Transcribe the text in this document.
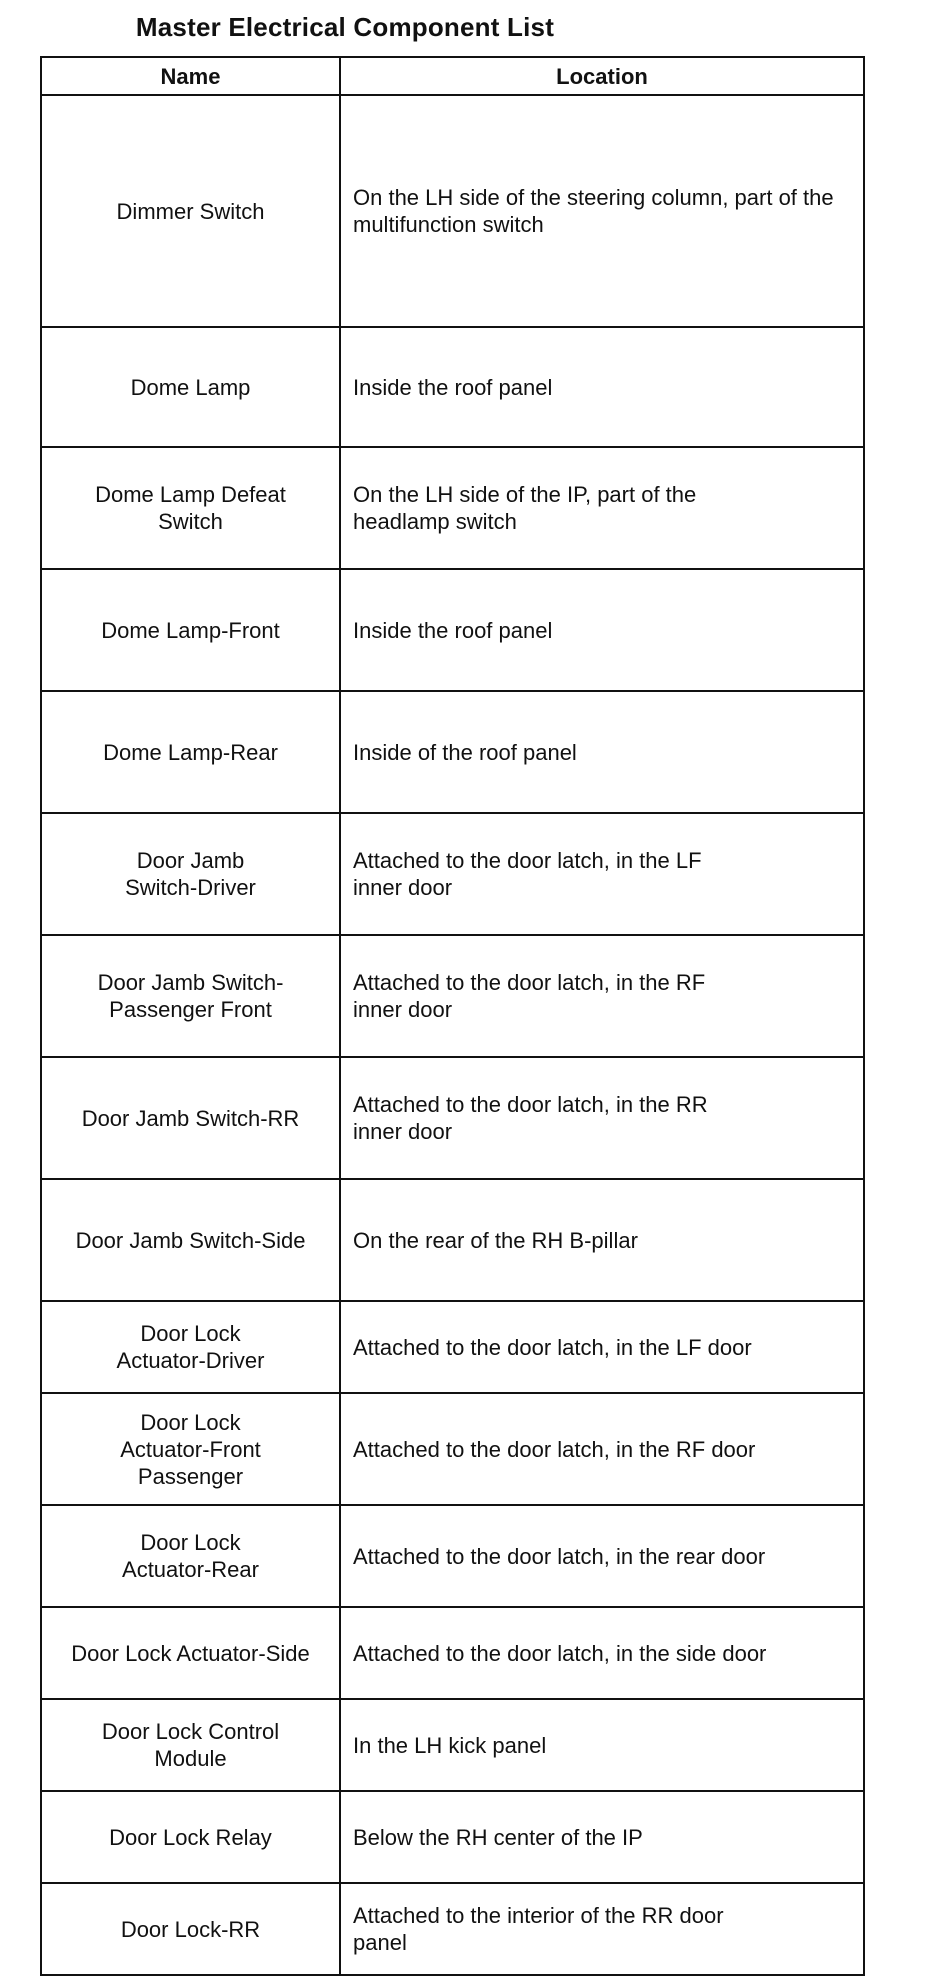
Master Electrical Component List
Name	Location
Dimmer Switch	On the LH side of the steering column, part of the multifunction switch
Dome Lamp	Inside the roof panel
Dome Lamp Defeat Switch	On the LH side of the IP, part of the headlamp switch
Dome Lamp-Front	Inside the roof panel
Dome Lamp-Rear	Inside of the roof panel
Door Jamb Switch-Driver	Attached to the door latch, in the LF inner door
Door Jamb Switch-Passenger Front	Attached to the door latch, in the RF inner door
Door Jamb Switch-RR	Attached to the door latch, in the RR inner door
Door Jamb Switch-Side	On the rear of the RH B-pillar
Door Lock Actuator-Driver	Attached to the door latch, in the LF door
Door Lock Actuator-Front Passenger	Attached to the door latch, in the RF door
Door Lock Actuator-Rear	Attached to the door latch, in the rear door
Door Lock Actuator-Side	Attached to the door latch, in the side door
Door Lock Control Module	In the LH kick panel
Door Lock Relay	Below the RH center of the IP
Door Lock-RR	Attached to the interior of the RR door panel
